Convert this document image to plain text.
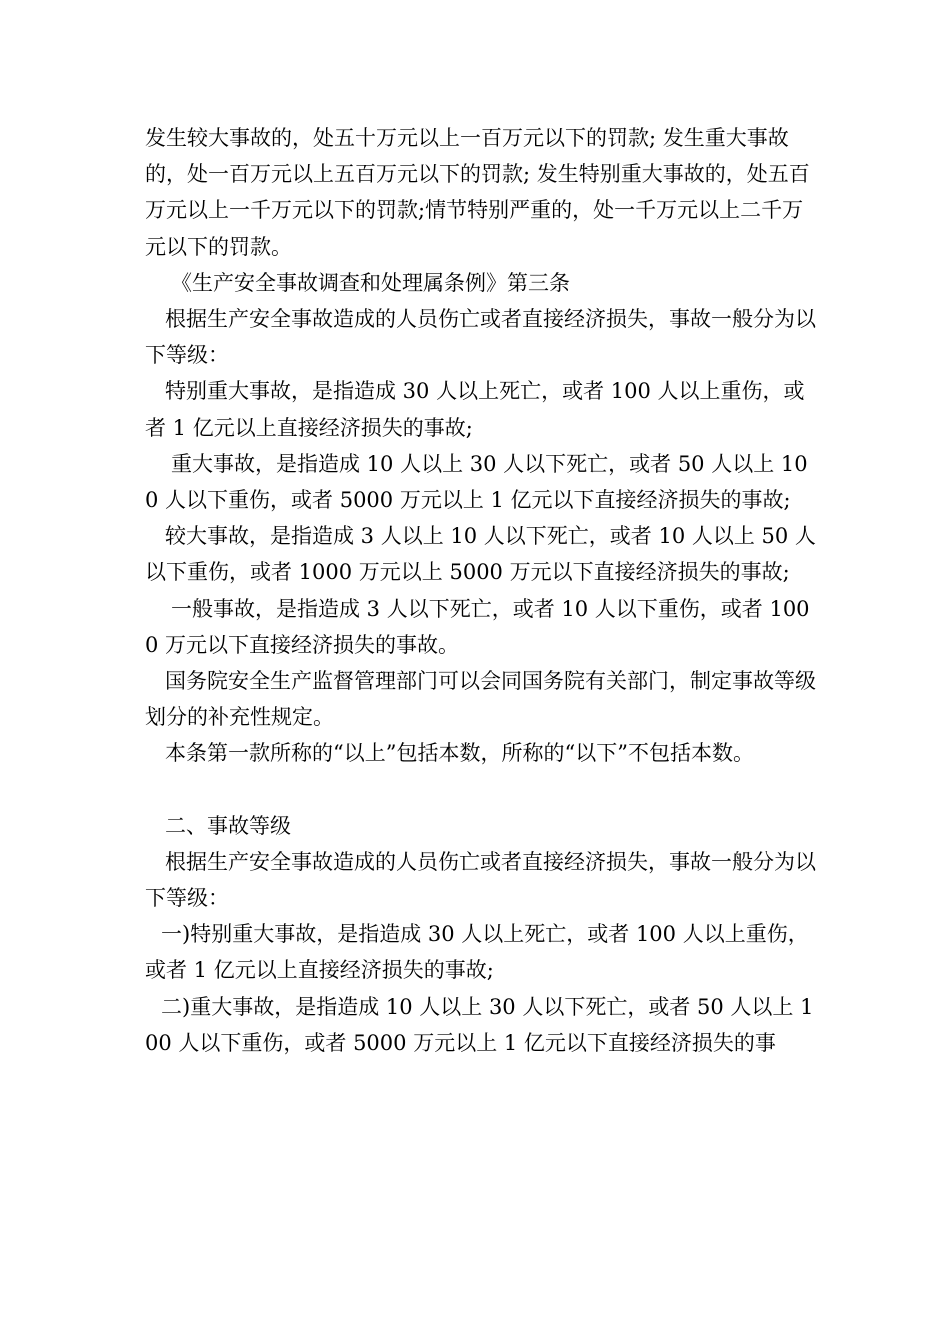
发生较大事故的，处五十万元以上一百万元以下的罚款; 发生重大事故的，处一百万元以上五百万元以下的罚款; 发生特别重大事故的，处五百万元以上一千万元以下的罚款;情节特别严重的，处一千万元以上二千万元以下的罚款。

《生产安全事故调查和处理属条例》第三条

根据生产安全事故造成的人员伤亡或者直接经济损失，事故一般分为以下等级：

特别重大事故，是指造成 30 人以上死亡，或者 100 人以上重伤，或者 1 亿元以上直接经济损失的事故;

重大事故，是指造成 10 人以上 30 人以下死亡，或者 50 人以上 100 人以下重伤，或者 5000 万元以上 1 亿元以下直接经济损失的事故;

较大事故，是指造成 3 人以上 10 人以下死亡，或者 10 人以上 50 人以下重伤，或者 1000 万元以上 5000 万元以下直接经济损失的事故;

一般事故，是指造成 3 人以下死亡，或者 10 人以下重伤，或者 1000 万元以下直接经济损失的事故。

国务院安全生产监督管理部门可以会同国务院有关部门，制定事故等级划分的补充性规定。

本条第一款所称的“以上”包括本数，所称的“以下”不包括本数。

二、事故等级

根据生产安全事故造成的人员伤亡或者直接经济损失，事故一般分为以下等级：

一)特别重大事故，是指造成 30 人以上死亡，或者 100 人以上重伤，或者 1 亿元以上直接经济损失的事故;

二)重大事故，是指造成 10 人以上 30 人以下死亡，或者 50 人以上 100 人以下重伤，或者 5000 万元以上 1 亿元以下直接经济损失的事
